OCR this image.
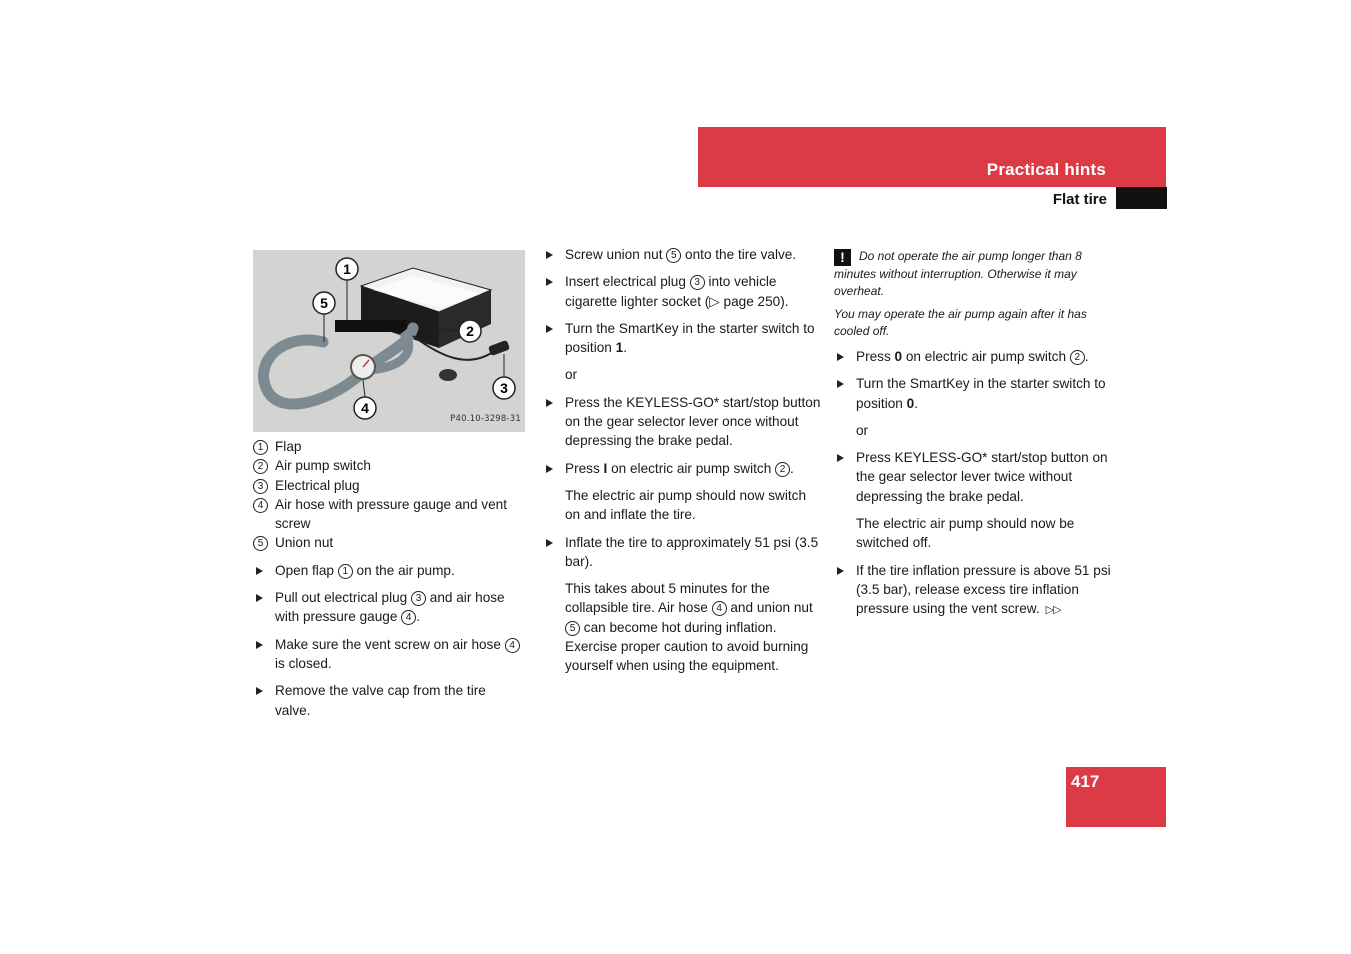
Practical hints
Flat tire
1
5
2
3
4
P40.10-3298-31
1 Flap
2 Air pump switch
3 Electrical plug
4 Air hose with pressure gauge and vent screw
5 Union nut
Open flap 1 on the air pump.
Pull out electrical plug 3 and air hose with pressure gauge 4 .
Make sure the vent screw on air hose 4 is closed.
Remove the valve cap from the tire valve.
Screw union nut 5 onto the tire valve.
Insert electrical plug 3 into vehicle cigarette lighter socket (▷ page 250).
Turn the SmartKey in the starter switch to position 1.
or
Press the KEYLESS-GO* start/stop button on the gear selector lever once without depressing the brake pedal.
Press I on electric air pump switch 2 .
The electric air pump should now switch on and inflate the tire.
Inflate the tire to approximately 51 psi (3.5 bar).
This takes about 5 minutes for the collapsible tire. Air hose 4 and union nut 5 can become hot during inflation. Exercise proper caution to avoid burning yourself when using the equipment.

! Do not operate the air pump longer than 8 minutes without interruption. Otherwise it may overheat.

You may operate the air pump again after it has cooled off.

Press 0 on electric air pump switch 2 .
Turn the SmartKey in the starter switch to position 0.
or
Press KEYLESS-GO* start/stop button on the gear selector lever twice without depressing the brake pedal.
The electric air pump should now be switched off.
If the tire inflation pressure is above 51 psi (3.5 bar), release excess tire inflation pressure using the vent screw. ▷▷
417
